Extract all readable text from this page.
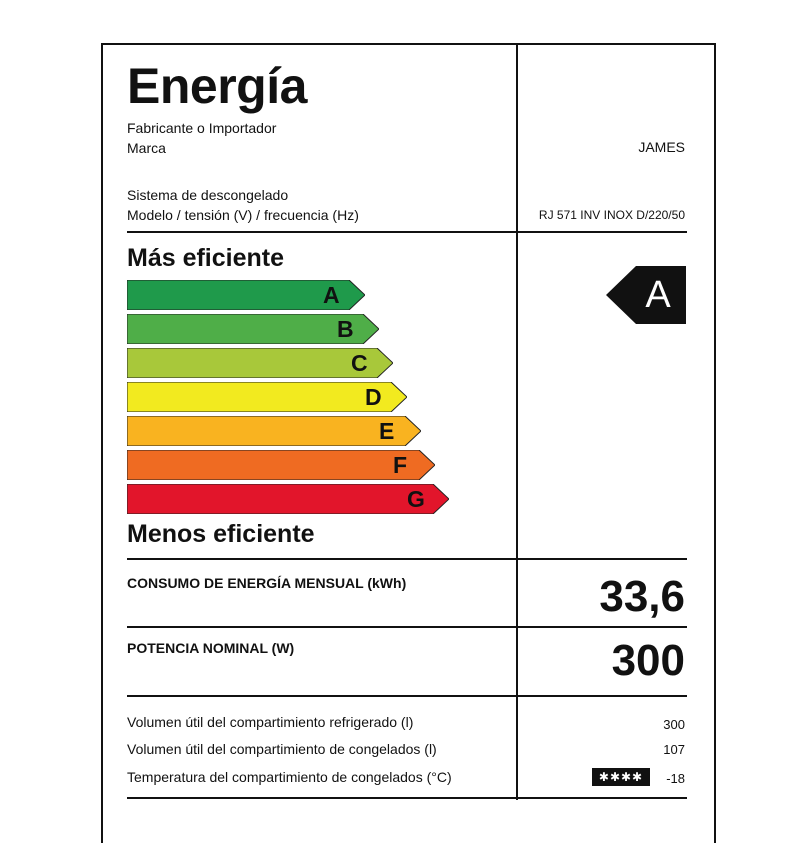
Energía
Fabricante o Importador
Marca	JAMES
Sistema de descongelado
Modelo / tensión (V) / frecuencia (Hz)	RJ 571 INV INOX D/220/50
Más eficiente
A
B
C
D
E
F
G
Menos eficiente
A
CONSUMO DE ENERGÍA MENSUAL (kWh)	33,6
POTENCIA NOMINAL (W)	300
Volumen útil del compartimiento refrigerado (l)	300
Volumen útil del compartimiento de congelados (l)	107
Temperatura del compartimiento de congelados (°C)	✱✱✱✱	-18
